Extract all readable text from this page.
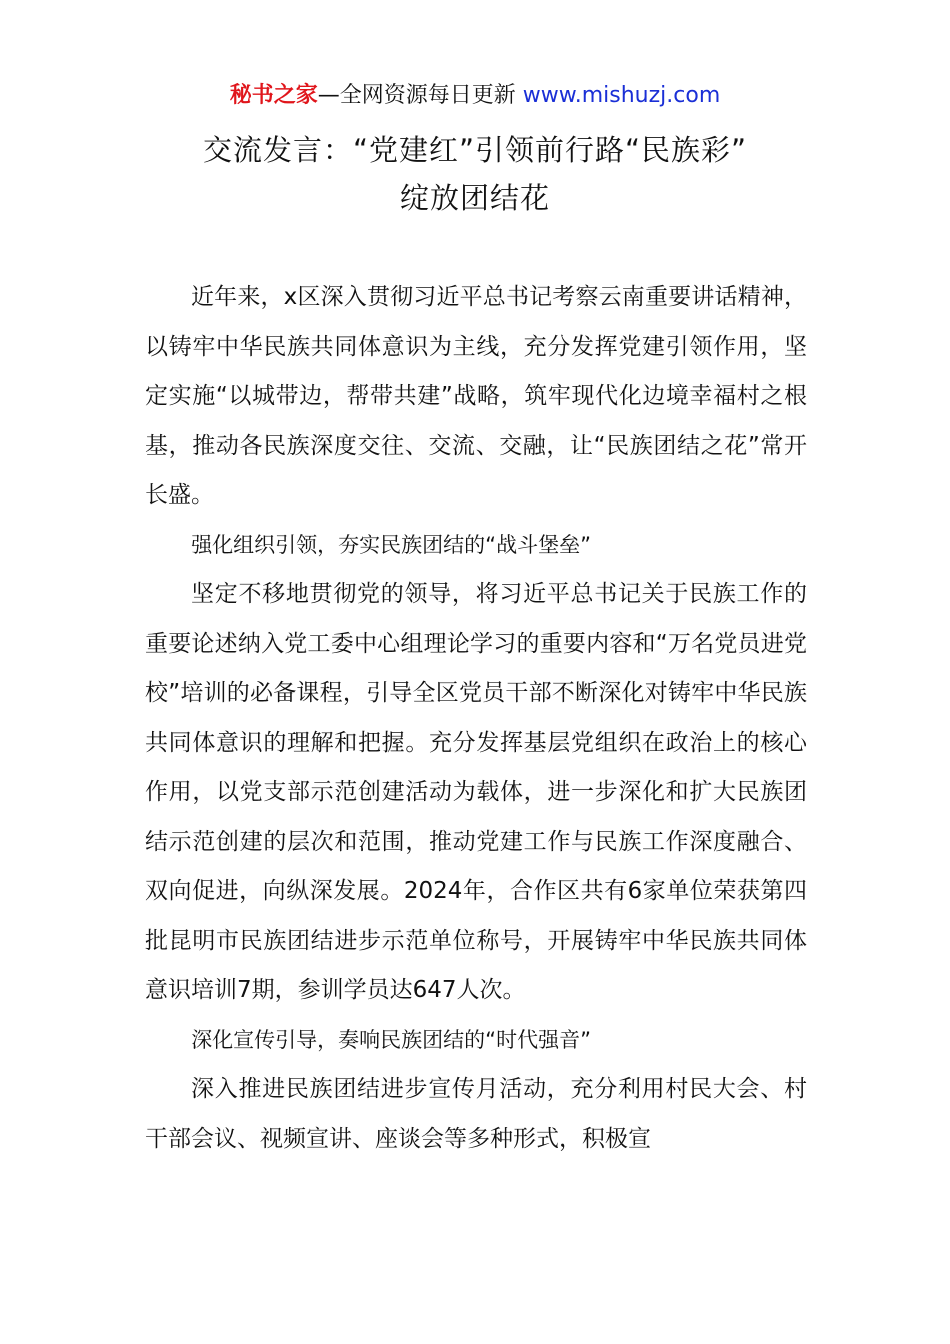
秘书之家—全网资源每日更新 www.mishuzj.com
交流发言：“党建红”引领前行路“民族彩”
绽放团结花

近年来，x区深入贯彻习近平总书记考察云南重要讲话精神，以铸牢中华民族共同体意识为主线，充分发挥党建引领作用，坚定实施“以城带边，帮带共建”战略，筑牢现代化边境幸福村之根基，推动各民族深度交往、交流、交融，让“民族团结之花”常开长盛。

强化组织引领，夯实民族团结的“战斗堡垒”

坚定不移地贯彻党的领导，将习近平总书记关于民族工作的重要论述纳入党工委中心组理论学习的重要内容和“万名党员进党校”培训的必备课程，引导全区党员干部不断深化对铸牢中华民族共同体意识的理解和把握。充分发挥基层党组织在政治上的核心作用，以党支部示范创建活动为载体，进一步深化和扩大民族团结示范创建的层次和范围，推动党建工作与民族工作深度融合、双向促进，向纵深发展。2024年，合作区共有6家单位荣获第四批昆明市民族团结进步示范单位称号，开展铸牢中华民族共同体意识培训7期，参训学员达647人次。

深化宣传引导，奏响民族团结的“时代强音”

深入推进民族团结进步宣传月活动，充分利用村民大会、村干部会议、视频宣讲、座谈会等多种形式，积极宣
